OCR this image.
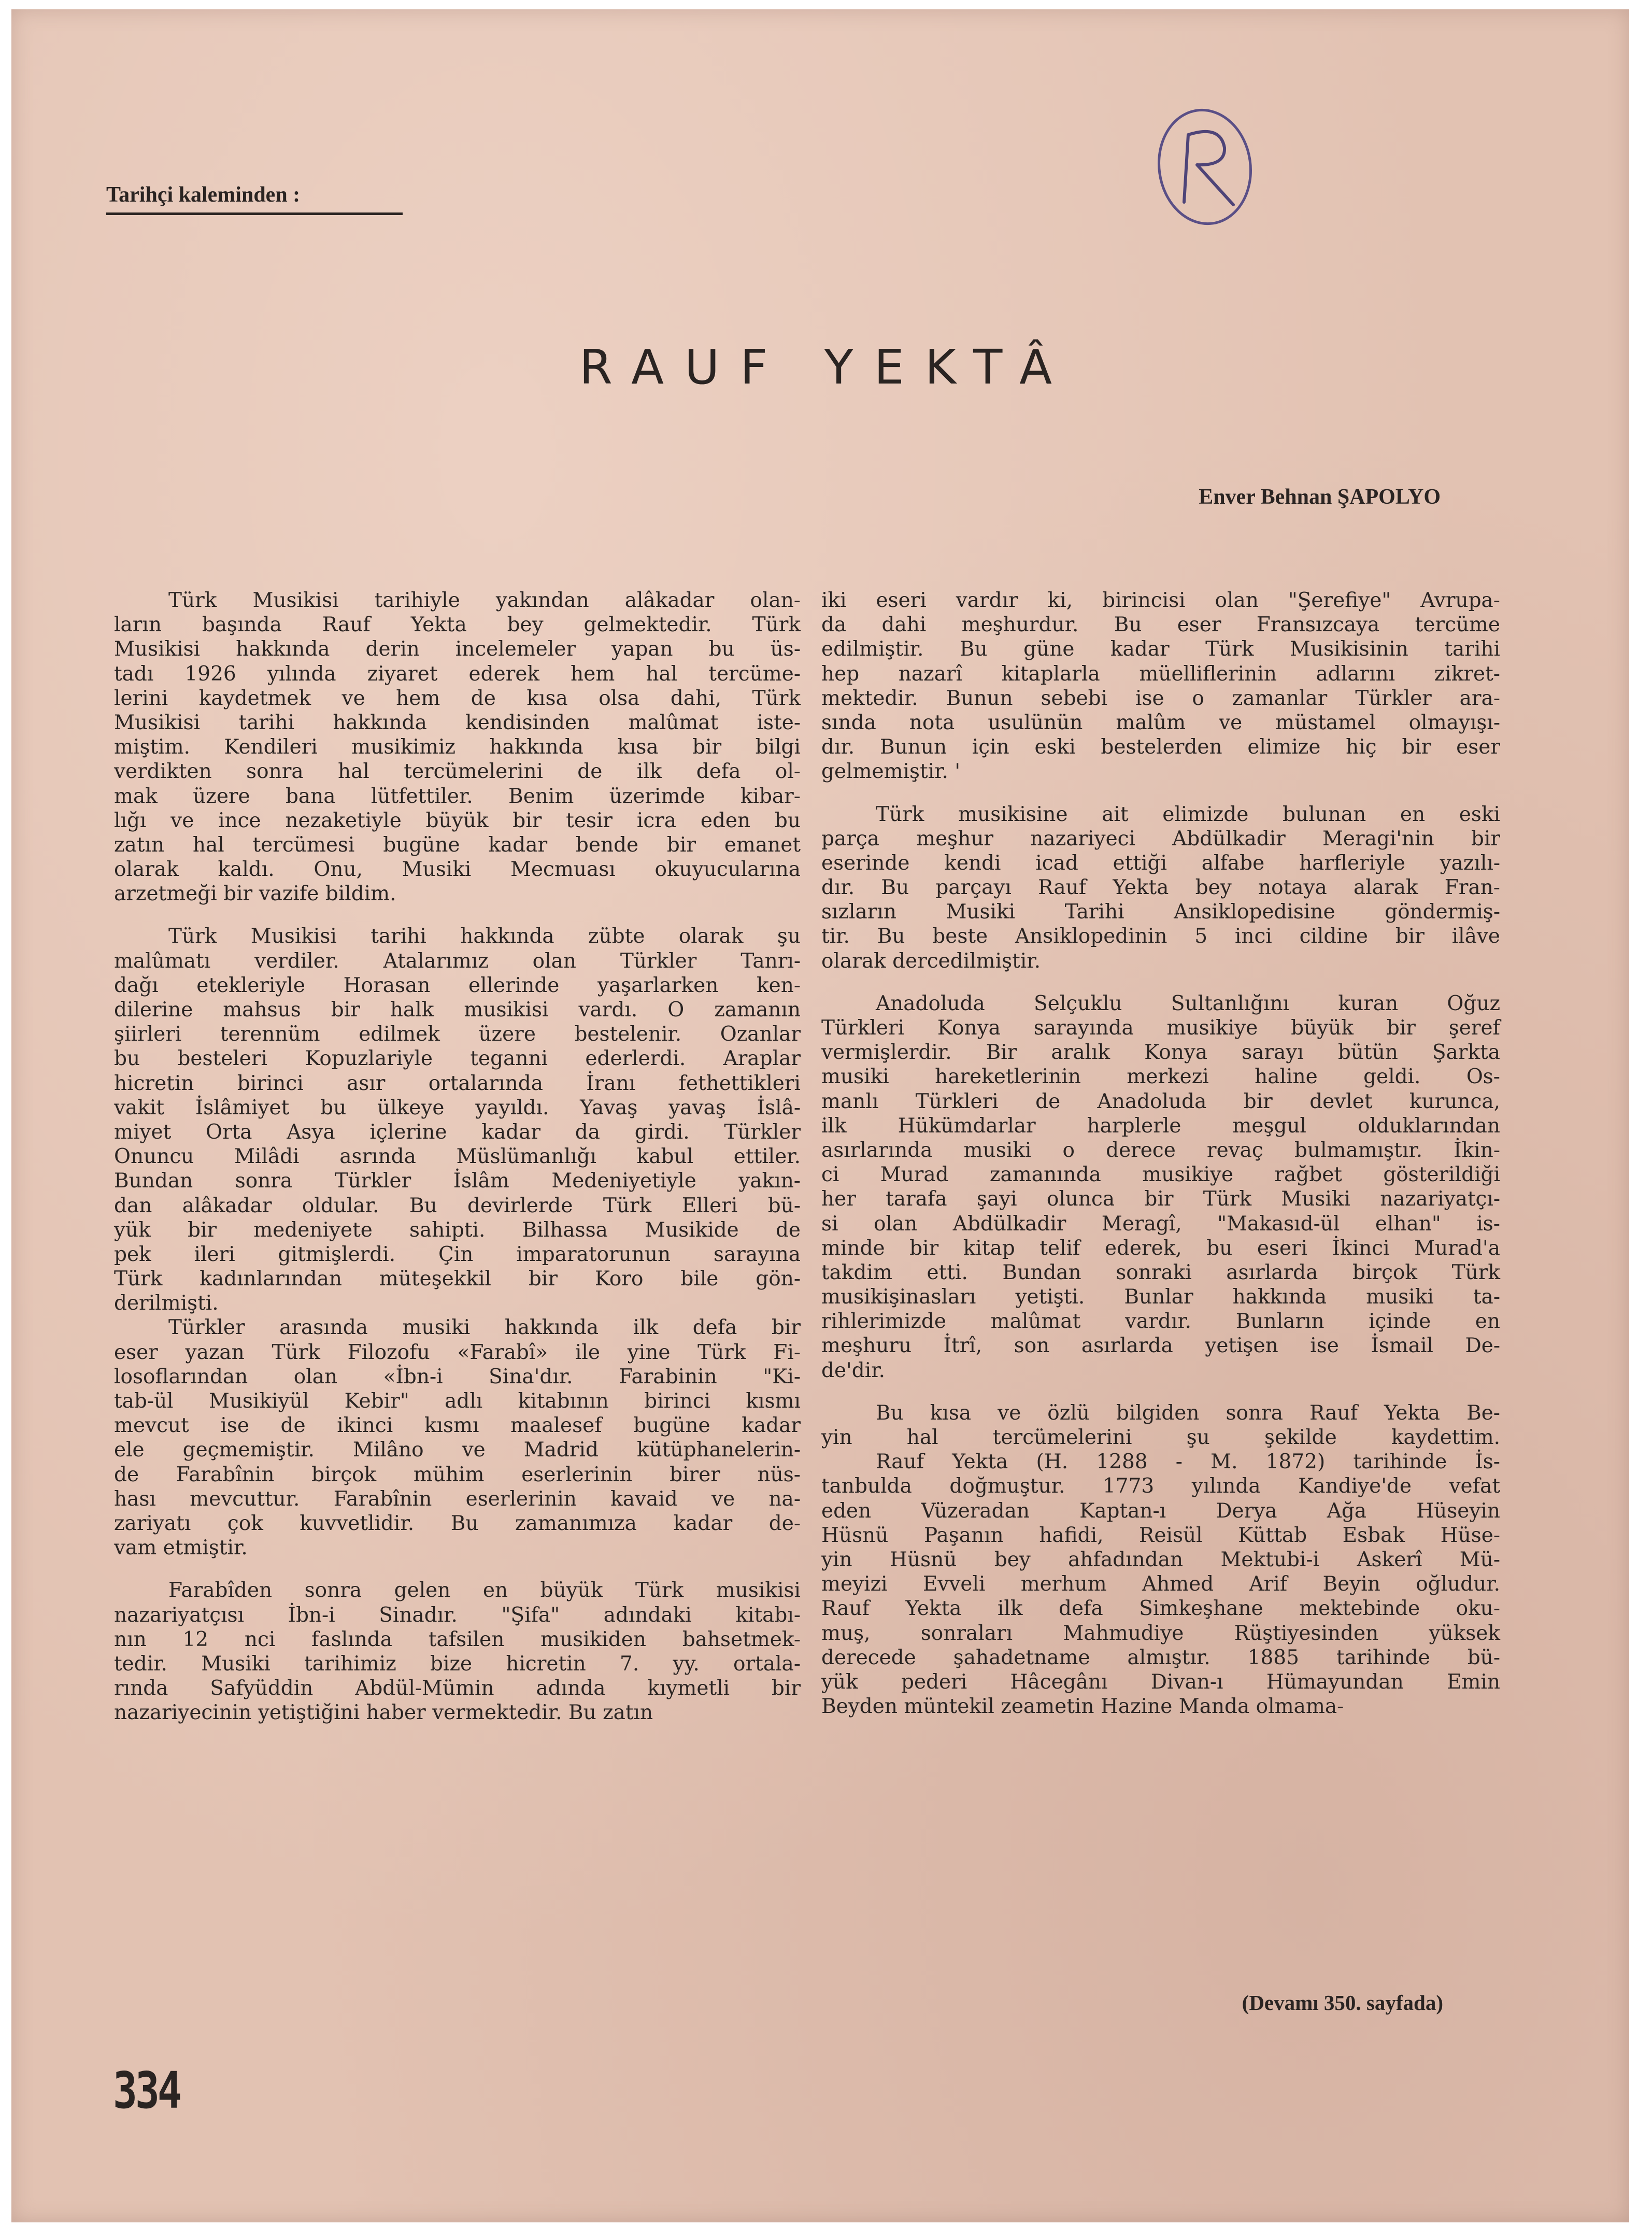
Tarihçi kaleminden :
RAUF YEKTÂ
Enver Behnan ŞAPOLYO
Türk Musikisi tarihiyle yakından alâkadar olan-
ların başında Rauf Yekta bey gelmektedir. Türk
Musikisi hakkında derin incelemeler yapan bu üs-
tadı 1926 yılında ziyaret ederek hem hal tercüme-
lerini kaydetmek ve hem de kısa olsa dahi, Türk
Musikisi tarihi hakkında kendisinden malûmat iste-
miştim. Kendileri musikimiz hakkında kısa bir bilgi
verdikten sonra hal tercümelerini de ilk defa ol-
mak üzere bana lütfettiler. Benim üzerimde kibar-
lığı ve ince nezaketiyle büyük bir tesir icra eden bu
zatın hal tercümesi bugüne kadar bende bir emanet
olarak kaldı. Onu, Musiki Mecmuası okuyucularına
arzetmeği bir vazife bildim.
Türk Musikisi tarihi hakkında zübte olarak şu
malûmatı verdiler. Atalarımız olan Türkler Tanrı-
dağı etekleriyle Horasan ellerinde yaşarlarken ken-
dilerine mahsus bir halk musikisi vardı. O zamanın
şiirleri terennüm edilmek üzere bestelenir. Ozanlar
bu besteleri Kopuzlariyle teganni ederlerdi. Araplar
hicretin birinci asır ortalarında İranı fethettikleri
vakit İslâmiyet bu ülkeye yayıldı. Yavaş yavaş İslâ-
miyet Orta Asya içlerine kadar da girdi. Türkler
Onuncu Milâdi asrında Müslümanlığı kabul ettiler.
Bundan sonra Türkler İslâm Medeniyetiyle yakın-
dan alâkadar oldular. Bu devirlerde Türk Elleri bü-
yük bir medeniyete sahipti. Bilhassa Musikide de
pek ileri gitmişlerdi. Çin imparatorunun sarayına
Türk kadınlarından müteşekkil bir Koro bile gön-
derilmişti.
Türkler arasında musiki hakkında ilk defa bir
eser yazan Türk Filozofu «Farabî» ile yine Türk Fi-
losoflarından olan «İbn-i Sina'dır. Farabinin "Ki-
tab-ül Musikiyül Kebir" adlı kitabının birinci kısmı
mevcut ise de ikinci kısmı maalesef bugüne kadar
ele geçmemiştir. Milâno ve Madrid kütüphanelerin-
de Farabînin birçok mühim eserlerinin birer nüs-
hası mevcuttur. Farabînin eserlerinin kavaid ve na-
zariyatı çok kuvvetlidir. Bu zamanımıza kadar de-
vam etmiştir.
Farabîden sonra gelen en büyük Türk musikisi
nazariyatçısı İbn-i Sinadır. "Şifa" adındaki kitabı-
nın 12 nci faslında tafsilen musikiden bahsetmek-
tedir. Musiki tarihimiz bize hicretin 7. yy. ortala-
rında Safyüddin Abdül-Mümin adında kıymetli bir
nazariyecinin yetiştiğini haber vermektedir. Bu zatın
iki eseri vardır ki, birincisi olan "Şerefiye" Avrupa-
da dahi meşhurdur. Bu eser Fransızcaya tercüme
edilmiştir. Bu güne kadar Türk Musikisinin tarihi
hep nazarî kitaplarla müelliflerinin adlarını zikret-
mektedir. Bunun sebebi ise o zamanlar Türkler ara-
sında nota usulünün malûm ve müstamel olmayışı-
dır. Bunun için eski bestelerden elimize hiç bir eser
gelmemiştir. '
Türk musikisine ait elimizde bulunan en eski
parça meşhur nazariyeci Abdülkadir Meragi'nin bir
eserinde kendi icad ettiği alfabe harfleriyle yazılı-
dır. Bu parçayı Rauf Yekta bey notaya alarak Fran-
sızların Musiki Tarihi Ansiklopedisine göndermiş-
tir. Bu beste Ansiklopedinin 5 inci cildine bir ilâve
olarak dercedilmiştir.
Anadoluda Selçuklu Sultanlığını kuran Oğuz
Türkleri Konya sarayında musikiye büyük bir şeref
vermişlerdir. Bir aralık Konya sarayı bütün Şarkta
musiki hareketlerinin merkezi haline geldi. Os-
manlı Türkleri de Anadoluda bir devlet kurunca,
ilk Hükümdarlar harplerle meşgul olduklarından
asırlarında musiki o derece revaç bulmamıştır. İkin-
ci Murad zamanında musikiye rağbet gösterildiği
her tarafa şayi olunca bir Türk Musiki nazariyatçı-
si olan Abdülkadir Meragî, "Makasıd-ül elhan" is-
minde bir kitap telif ederek, bu eseri İkinci Murad'a
takdim etti. Bundan sonraki asırlarda birçok Türk
musikişinasları yetişti. Bunlar hakkında musiki ta-
rihlerimizde malûmat vardır. Bunların içinde en
meşhuru İtrî, son asırlarda yetişen ise İsmail De-
de'dir.
Bu kısa ve özlü bilgiden sonra Rauf Yekta Be-
yin hal tercümelerini şu şekilde kaydettim.
Rauf Yekta (H. 1288 - M. 1872) tarihinde İs-
tanbulda doğmuştur. 1773 yılında Kandiye'de vefat
eden Vüzeradan Kaptan-ı Derya Ağa Hüseyin
Hüsnü Paşanın hafidi, Reisül Küttab Esbak Hüse-
yin Hüsnü bey ahfadından Mektubi-i Askerî Mü-
meyizi Evveli merhum Ahmed Arif Beyin oğludur.
Rauf Yekta ilk defa Simkeşhane mektebinde oku-
muş, sonraları Mahmudiye Rüştiyesinden yüksek
derecede şahadetname almıştır. 1885 tarihinde bü-
yük pederi Hâcegânı Divan-ı Hümayundan Emin
Beyden müntekil zeametin Hazine Manda olmama-
(Devamı 350. sayfada)
334
